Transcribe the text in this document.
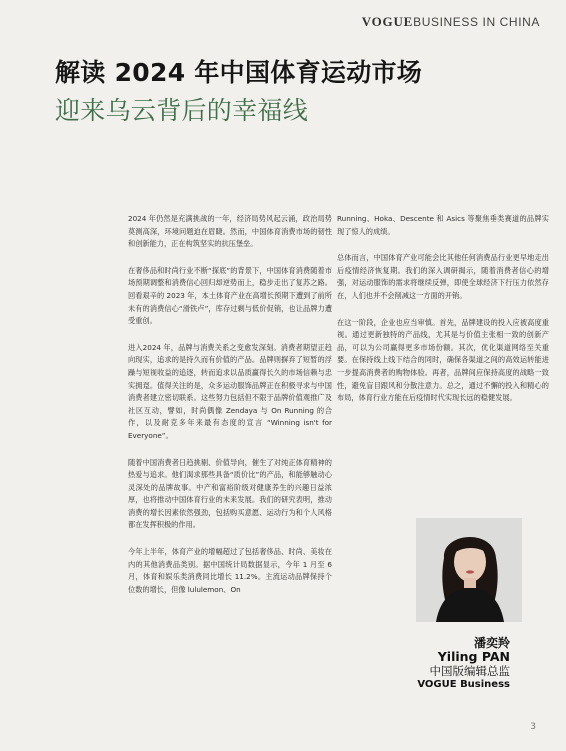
VOGUEBUSINESS IN CHINA
解读 2024 年中国体育运动市场
迎来乌云背后的幸福线

2024 年仍然是充满挑战的一年，经济局势风起云涌，政治局势莫测高深，环境问题迫在眉睫。然而，中国体育消费市场的韧性和创新能力，正在构筑坚实的抗压堡垒。

在奢侈品和时尚行业不断“探底”的背景下，中国体育消费随着市场预期调整和消费信心回归却逆势而上，稳步走出了复苏之路。回看艰辛的 2023 年，本土体育产业在高增长预期下遭到了前所未有的消费信心“滑铁卢”，库存过剩与低价促销，也让品牌力遭受重创。

进入2024 年，品牌与消费关系之变愈发深刻。消费者期望正趋向现实，追求的是持久而有价值的产品。品牌则摒弃了短暂的浮躁与短视收益的追逐，转而追求以品质赢得长久的市场信赖与忠实拥趸。值得关注的是，众多运动服饰品牌正在积极寻求与中国消费者建立密切联系。这些努力包括但不限于品牌价值观推广及社区互动，譬如，时尚偶像 Zendaya 与 On Running 的合作，以及耐克多年来最有态度的宣言 “Winning isn't for Everyone”。

随着中国消费者日趋挑剔、价值导向，催生了对纯正体育精神的热爱与追求。他们渴求那些具备“质价比”的产品，和能够触动心灵深处的品牌故事。中产和富裕阶级对健康养生的兴趣日益浓厚，也将推动中国体育行业的未来发展。我们的研究表明，推动消费的增长因素依然强劲，包括购买意愿、运动行为和个人风格都在发挥积极的作用。

今年上半年，体育产业的增幅超过了包括奢侈品、时尚、美妆在内的其他消费品类别。据中国统计局数据显示，今年 1 月至 6 月，体育和娱乐类消费同比增长 11.2%。主流运动品牌保持个位数的增长，但像 lululemon、On

Running、Hoka、Descente 和 Asics 等聚焦垂类赛道的品牌实现了惊人的成绩。

总体而言，中国体育产业可能会比其他任何消费品行业更早地走出后疫情经济恢复期。我们的深入调研揭示，随着消费者信心的增强，对运动服饰的需求将继续反弹，即使全球经济下行压力依然存在，人们也并不会削减这一方面的开销。

在这一阶段，企业也应当审慎。首先，品牌建设的投入应被高度重视。通过更新独特的产品线，尤其是与价值主张相一致的创新产品，可以为公司赢得更多市场份额。其次，优化渠道网络至关重要。在保持线上线下结合的同时，确保各渠道之间的高效运转能进一步提高消费者的购物体验。再者，品牌间应保持高度的战略一致性，避免盲目跟风和分散注意力。总之，通过不懈的投入和精心的布局，体育行业方能在后疫情时代实现长远的稳健发展。

潘奕羚
Yiling PAN
中国版编辑总监
VOGUE Business
3
